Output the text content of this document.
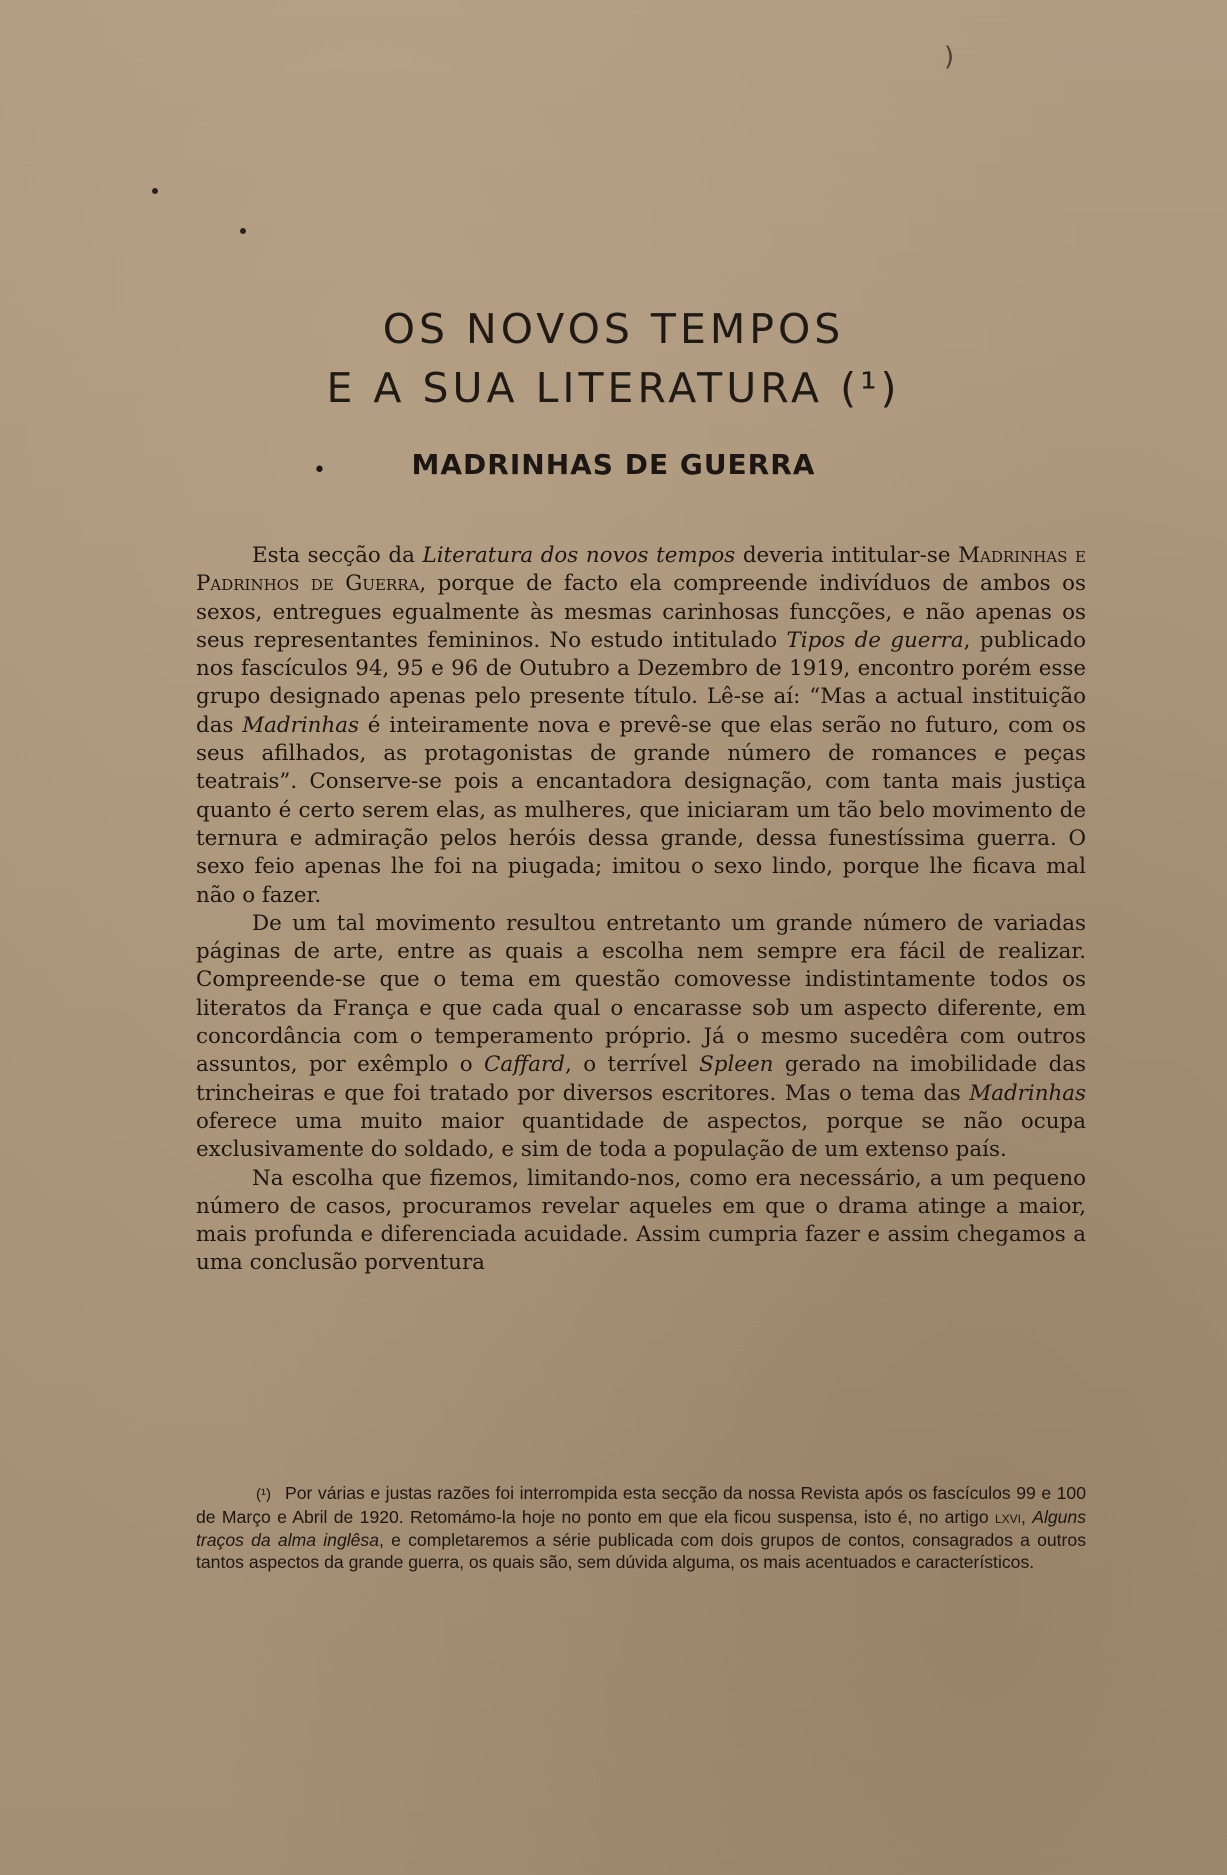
)
OS NOVOS TEMPOS
E A SUA LITERATURA (¹)
•	MADRINHAS DE GUERRA

Esta secção da Literatura dos novos tempos deveria intitular-se Madrinhas e Padrinhos de Guerra, porque de facto ela compreende indivíduos de ambos os sexos, entregues egualmente às mesmas carinhosas funcções, e não apenas os seus representantes femininos. No estudo intitulado Tipos de guerra, publicado nos fascículos 94, 95 e 96 de Outubro a Dezembro de 1919, encontro porém esse grupo designado apenas pelo presente título. Lê-se aí: “Mas a actual instituição das Madrinhas é inteiramente nova e prevê-se que elas serão no futuro, com os seus afilhados, as protagonistas de grande número de romances e peças teatrais”. Conserve-se pois a encantadora designação, com tanta mais justiça quanto é certo serem elas, as mulheres, que iniciaram um tão belo movimento de ternura e admiração pelos heróis dessa grande, dessa funestíssima guerra. O sexo feio apenas lhe foi na piugada; imitou o sexo lindo, porque lhe ficava mal não o fazer.

De um tal movimento resultou entretanto um grande número de variadas páginas de arte, entre as quais a escolha nem sempre era fácil de realizar. Compreende-se que o tema em questão comovesse indistintamente todos os literatos da França e que cada qual o encarasse sob um aspecto diferente, em concordância com o temperamento próprio. Já o mesmo sucedêra com outros assuntos, por exêmplo o Caffard, o terrível Spleen gerado na imobilidade das trincheiras e que foi tratado por diversos escritores. Mas o tema das Madrinhas oferece uma muito maior quantidade de aspectos, porque se não ocupa exclusivamente do soldado, e sim de toda a população de um extenso país.

Na escolha que fizemos, limitando-nos, como era necessário, a um pequeno número de casos, procuramos revelar aqueles em que o drama atinge a maior, mais profunda e diferenciada acuidade. Assim cumpria fazer e assim chegamos a uma conclusão porventura

(¹) Por várias e justas razões foi interrompida esta secção da nossa Revista após os fascículos 99 e 100 de Março e Abril de 1920. Retomámo-la hoje no ponto em que ela ficou suspensa, isto é, no artigo lxvi, Alguns traços da alma inglêsa, e completaremos a série publicada com dois grupos de contos, consagrados a outros tantos aspectos da grande guerra, os quais são, sem dúvida alguma, os mais acentuados e característicos.
